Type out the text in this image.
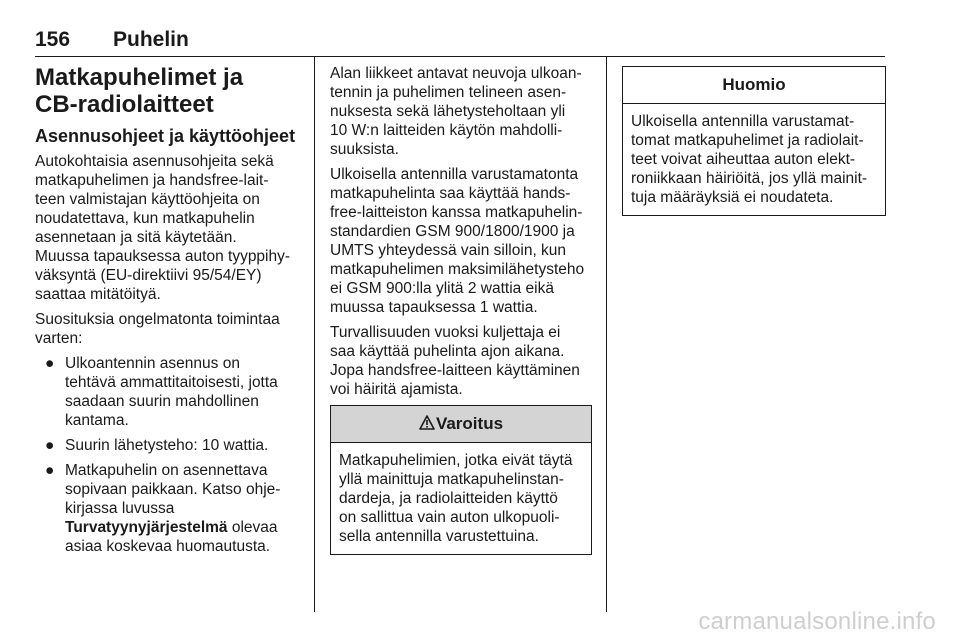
156 Puhelin
Matkapuhelimet ja
CB-radiolaitteet
Asennusohjeet ja käyttöohjeet

Autokohtaisia asennusohjeita sekä
matkapuhelimen ja handsfree-lait-
teen valmistajan käyttöohjeita on
noudatettava, kun matkapuhelin
asennetaan ja sitä käytetään.
Muussa tapauksessa auton tyyppihy-
väksyntä (EU-direktiivi 95/54/EY)
saattaa mitätöityä.

Suosituksia ongelmatonta toimintaa
varten:

● Ulkoantennin asennus on
tehtävä ammattitaitoisesti, jotta
saadaan suurin mahdollinen
kantama.
● Suurin lähetysteho: 10 wattia.
● Matkapuhelin on asennettava
sopivaan paikkaan. Katso ohje-
kirjassa luvussa
Turvatyynyjärjestelmä olevaa
asiaa koskevaa huomautusta.

Alan liikkeet antavat neuvoja ulkoan-
tennin ja puhelimen telineen asen-
nuksesta sekä lähetysteholtaan yli
10 W:n laitteiden käytön mahdolli-
suuksista.

Ulkoisella antennilla varustamatonta
matkapuhelinta saa käyttää hands-
free-laitteiston kanssa matkapuhelin-
standardien GSM 900/1800/1900 ja
UMTS yhteydessä vain silloin, kun
matkapuhelimen maksimilähetysteho
ei GSM 900:lla ylitä 2 wattia eikä
muussa tapauksessa 1 wattia.

Turvallisuuden vuoksi kuljettaja ei
saa käyttää puhelinta ajon aikana.
Jopa handsfree-laitteen käyttäminen
voi häiritä ajamista.

Varoitus
Matkapuhelimien, jotka eivät täytä
yllä mainittuja matkapuhelinstan-
dardeja, ja radiolaitteiden käyttö
on sallittua vain auton ulkopuoli-
sella antennilla varustettuina.
Huomio
Ulkoisella antennilla varustamat-
tomat matkapuhelimet ja radiolait-
teet voivat aiheuttaa auton elekt-
roniikkaan häiriöitä, jos yllä mainit-
tuja määräyksiä ei noudateta.
carmanualsonline.info
